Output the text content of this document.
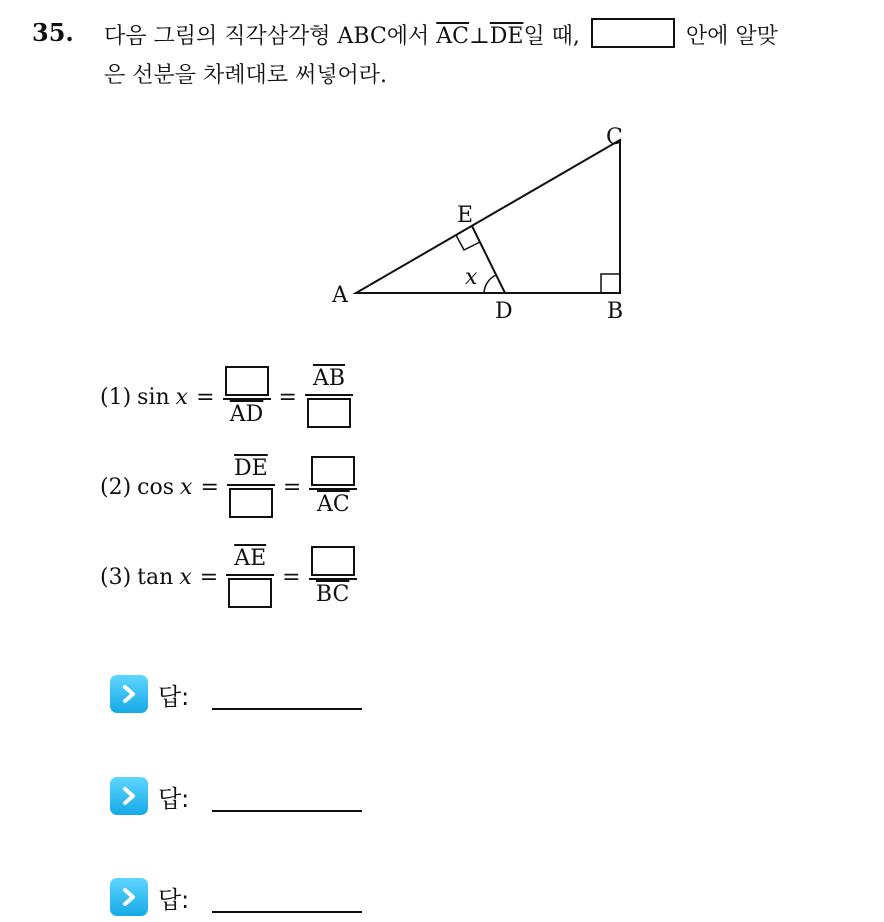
35. 다음 그림의 직각삼각형 ABC에서 $\overline{AC}\perp\overline{DE}$일 때,	안에 알맞
은 선분을 차례대로 써넣어라.
A
B
C
D
E
x
(1) sin x =
$\overline{AD}$
=
$\overline{AB}$
(2) cos x =
$\overline{DE}$
=
$\overline{AC}$
(3) tan x =
$\overline{AE}$
=
$\overline{BC}$
답:
답:
답:
